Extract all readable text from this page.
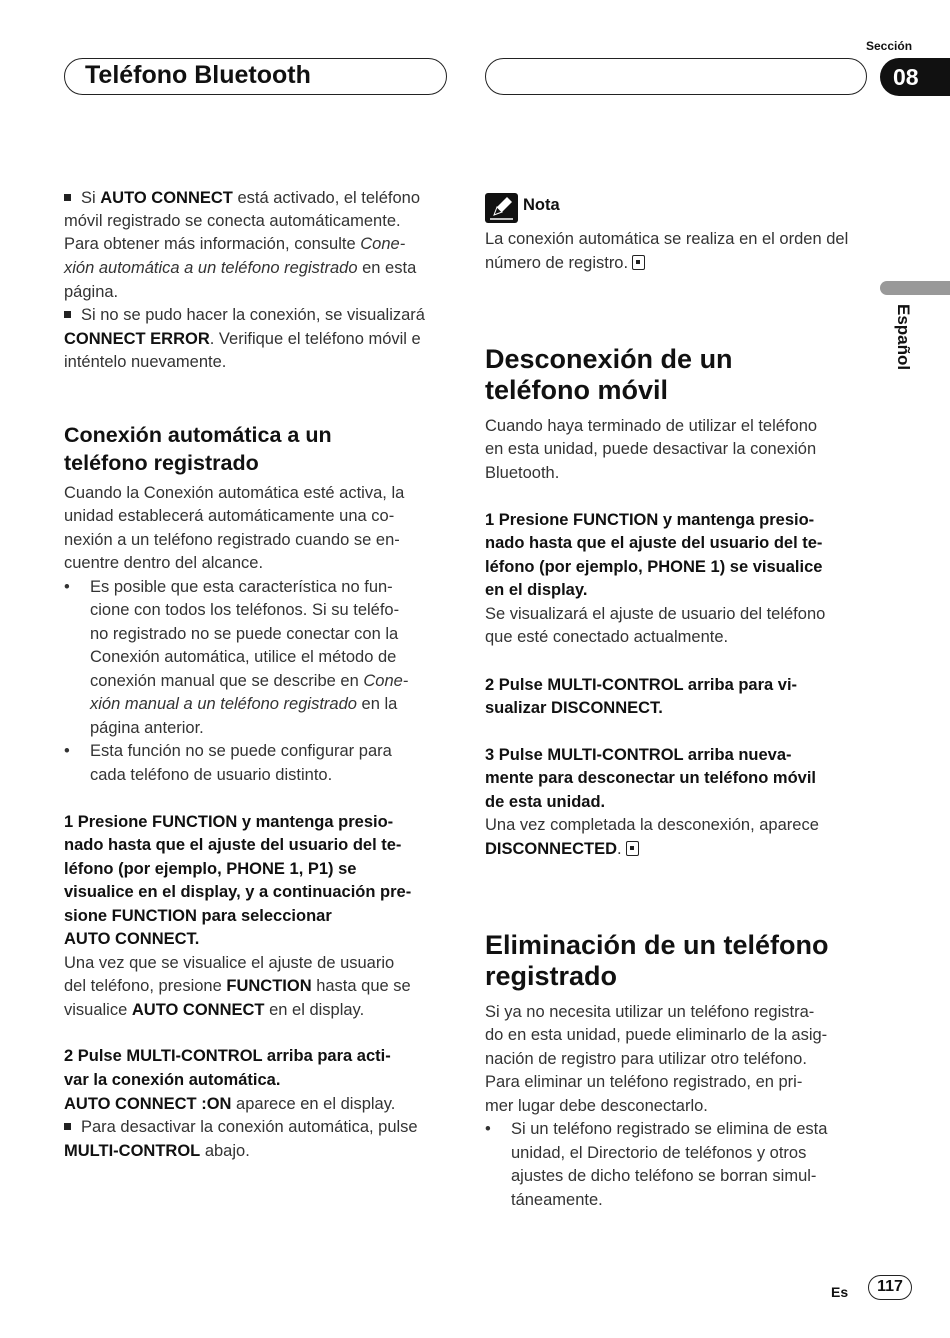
Teléfono Bluetooth
Sección
08
Español

Si AUTO CONNECT está activado, el teléfono

móvil registrado se conecta automáticamente.

Para obtener más información, consulte Cone-

xión automática a un teléfono registrado en esta

página.

Si no se pudo hacer la conexión, se visualizará

CONNECT ERROR. Verifique el teléfono móvil e

inténtelo nuevamente.

Conexión automática a un
teléfono registrado

Cuando la Conexión automática esté activa, la

unidad establecerá automáticamente una co-

nexión a un teléfono registrado cuando se en-

cuentre dentro del alcance.

• Es posible que esta característica no fun-

cione con todos los teléfonos. Si su teléfo-

no registrado no se puede conectar con la

Conexión automática, utilice el método de

conexión manual que se describe en Cone-

xión manual a un teléfono registrado en la

página anterior.

• Esta función no se puede configurar para

cada teléfono de usuario distinto.

1 Presione FUNCTION y mantenga presio-

nado hasta que el ajuste del usuario del te-

léfono (por ejemplo, PHONE 1, P1) se

visualice en el display, y a continuación pre-

sione FUNCTION para seleccionar

AUTO CONNECT.

Una vez que se visualice el ajuste de usuario

del teléfono, presione FUNCTION hasta que se

visualice AUTO CONNECT en el display.

2 Pulse MULTI-CONTROL arriba para acti-

var la conexión automática.

AUTO CONNECT :ON aparece en el display.

Para desactivar la conexión automática, pulse

MULTI-CONTROL abajo.

Nota

La conexión automática se realiza en el orden del

número de registro.

Desconexión de un
teléfono móvil

Cuando haya terminado de utilizar el teléfono

en esta unidad, puede desactivar la conexión

Bluetooth.

1 Presione FUNCTION y mantenga presio-

nado hasta que el ajuste del usuario del te-

léfono (por ejemplo, PHONE 1) se visualice

en el display.

Se visualizará el ajuste de usuario del teléfono

que esté conectado actualmente.

2 Pulse MULTI-CONTROL arriba para vi-

sualizar DISCONNECT.

3 Pulse MULTI-CONTROL arriba nueva-

mente para desconectar un teléfono móvil

de esta unidad.

Una vez completada la desconexión, aparece

DISCONNECTED.

Eliminación de un teléfono
registrado

Si ya no necesita utilizar un teléfono registra-

do en esta unidad, puede eliminarlo de la asig-

nación de registro para utilizar otro teléfono.

Para eliminar un teléfono registrado, en pri-

mer lugar debe desconectarlo.

• Si un teléfono registrado se elimina de esta

unidad, el Directorio de teléfonos y otros

ajustes de dicho teléfono se borran simul-

táneamente.

Es	117
